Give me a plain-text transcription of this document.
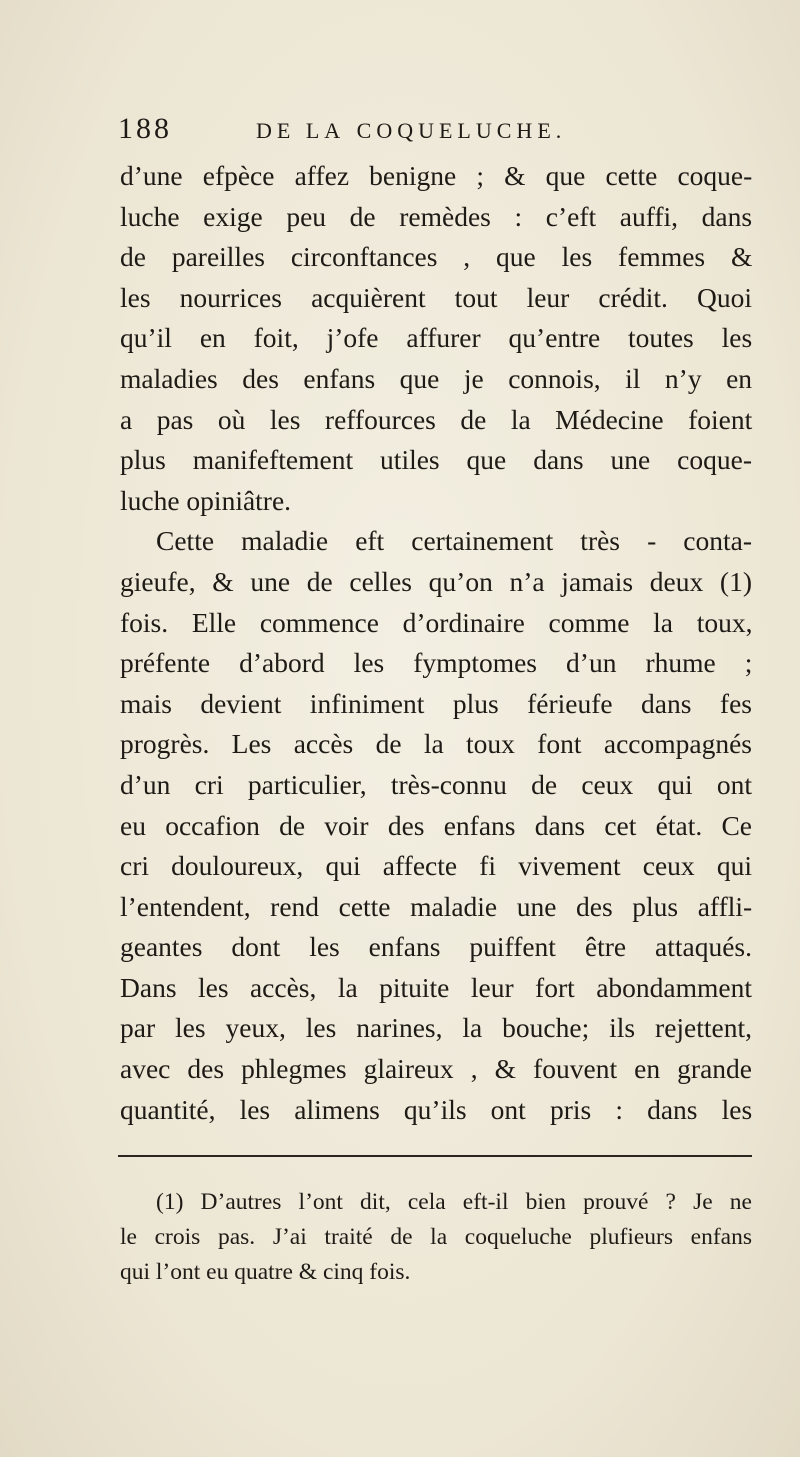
188	DE LA COQUELUCHE.
d’une efpèce affez benigne ; & que cette coque-
luche exige peu de remèdes : c’eft auffi, dans
de pareilles circonftances , que les femmes &
les nourrices acquièrent tout leur crédit. Quoi
qu’il en foit, j’ofe affurer qu’entre toutes les
maladies des enfans que je connois, il n’y en
a pas où les reffources de la Médecine foient
plus manifeftement utiles que dans une coque-
luche opiniâtre.
Cette maladie eft certainement très - conta-
gieufe, & une de celles qu’on n’a jamais deux (1)
fois. Elle commence d’ordinaire comme la toux,
préfente d’abord les fymptomes d’un rhume ;
mais devient infiniment plus férieufe dans fes
progrès. Les accès de la toux font accompagnés
d’un cri particulier, très-connu de ceux qui ont
eu occafion de voir des enfans dans cet état. Ce
cri douloureux, qui affecte fi vivement ceux qui
l’entendent, rend cette maladie une des plus affli-
geantes dont les enfans puiffent être attaqués.
Dans les accès, la pituite leur fort abondamment
par les yeux, les narines, la bouche; ils rejettent,
avec des phlegmes glaireux , & fouvent en grande
quantité, les alimens qu’ils ont pris : dans les
(1) D’autres l’ont dit, cela eft-il bien prouvé ? Je ne
le crois pas. J’ai traité de la coqueluche plufieurs enfans
qui l’ont eu quatre & cinq fois.
